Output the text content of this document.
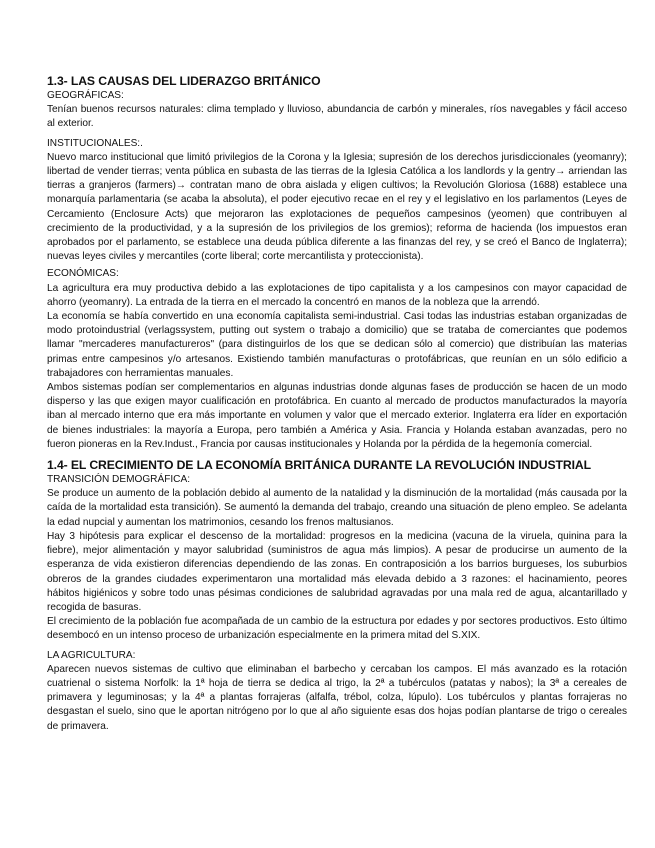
1.3- LAS CAUSAS DEL LIDERAZGO BRITÁNICO
GEOGRÁFICAS:
Tenían buenos recursos naturales: clima templado y lluvioso, abundancia de carbón y minerales, ríos navegables y fácil acceso al exterior.
INSTITUCIONALES:.
Nuevo marco institucional que limitó privilegios de la Corona y la Iglesia; supresión de los derechos jurisdiccionales (yeomanry); libertad de vender tierras; venta pública en subasta de las tierras de la Iglesia Católica a los landlords y la gentry→ arriendan las tierras a granjeros (farmers)→ contratan mano de obra aislada y eligen cultivos; la Revolución Gloriosa (1688) establece una monarquía parlamentaria (se acaba la absoluta), el poder ejecutivo recae en el rey y el legislativo en los parlamentos (Leyes de Cercamiento (Enclosure Acts) que mejoraron las explotaciones de pequeños campesinos (yeomen) que contribuyen al crecimiento de la productividad, y a la supresión de los privilegios de los gremios); reforma de hacienda (los impuestos eran aprobados por el parlamento, se establece una deuda pública diferente a las finanzas del rey, y se creó el Banco de Inglaterra); nuevas leyes civiles y mercantiles (corte liberal; corte mercantilista y proteccionista).
ECONÓMICAS:
La agricultura era muy productiva debido a las explotaciones de tipo capitalista y a los campesinos con mayor capacidad de ahorro (yeomanry). La entrada de la tierra en el mercado la concentró en manos de la nobleza que la arrendó.
La economía se había convertido en una economía capitalista semi-industrial. Casi todas las industrias estaban organizadas de modo protoindustrial (verlagssystem, putting out system o trabajo a domicilio) que se trataba de comerciantes que podemos llamar "mercaderes manufactureros" (para distinguirlos de los que se dedican sólo al comercio) que distribuían las materias primas entre campesinos y/o artesanos. Existiendo también manufacturas o protofábricas, que reunían en un sólo edificio a trabajadores con herramientas manuales.
Ambos sistemas podían ser complementarios en algunas industrias donde algunas fases de producción se hacen de un modo disperso y las que exigen mayor cualificación en protofábrica. En cuanto al mercado de productos manufacturados la mayoría iban al mercado interno que era más importante en volumen y valor que el mercado exterior. Inglaterra era líder en exportación de bienes industriales: la mayoría a Europa, pero también a América y Asia. Francia y Holanda estaban avanzadas, pero no fueron pioneras en la Rev.Indust., Francia por causas institucionales y Holanda por la pérdida de la hegemonía comercial.
1.4- EL CRECIMIENTO DE LA ECONOMÍA BRITÁNICA DURANTE LA REVOLUCIÓN INDUSTRIAL
TRANSICIÓN DEMOGRÁFICA:
Se produce un aumento de la población debido al aumento de la natalidad y la disminución de la mortalidad (más causada por la caída de la mortalidad esta transición). Se aumentó la demanda del trabajo, creando una situación de pleno empleo. Se adelanta la edad nupcial y aumentan los matrimonios, cesando los frenos maltusianos.
Hay 3 hipótesis para explicar el descenso de la mortalidad: progresos en la medicina (vacuna de la viruela, quinina para la fiebre), mejor alimentación y mayor salubridad (suministros de agua más limpios). A pesar de producirse un aumento de la esperanza de vida existieron diferencias dependiendo de las zonas. En contraposición a los barrios burgueses, los suburbios obreros de la grandes ciudades experimentaron una mortalidad más elevada debido a 3 razones: el hacinamiento, peores hábitos higiénicos y sobre todo unas pésimas condiciones de salubridad agravadas por una mala red de agua, alcantarillado y recogida de basuras.
El crecimiento de la población fue acompañada de un cambio de la estructura por edades y por sectores productivos. Esto último desembocó en un intenso proceso de urbanización especialmente en la primera mitad del S.XIX.
LA AGRICULTURA:
Aparecen nuevos sistemas de cultivo que eliminaban el barbecho y cercaban los campos. El más avanzado es la rotación cuatrienal o sistema Norfolk: la 1ª hoja de tierra se dedica al trigo, la 2ª a tubérculos (patatas y nabos); la 3ª a cereales de primavera y leguminosas; y la 4ª a plantas forrajeras (alfalfa, trébol, colza, lúpulo). Los tubérculos y plantas forrajeras no desgastan el suelo, sino que le aportan nitrógeno por lo que al año siguiente esas dos hojas podían plantarse de trigo o cereales de primavera.
